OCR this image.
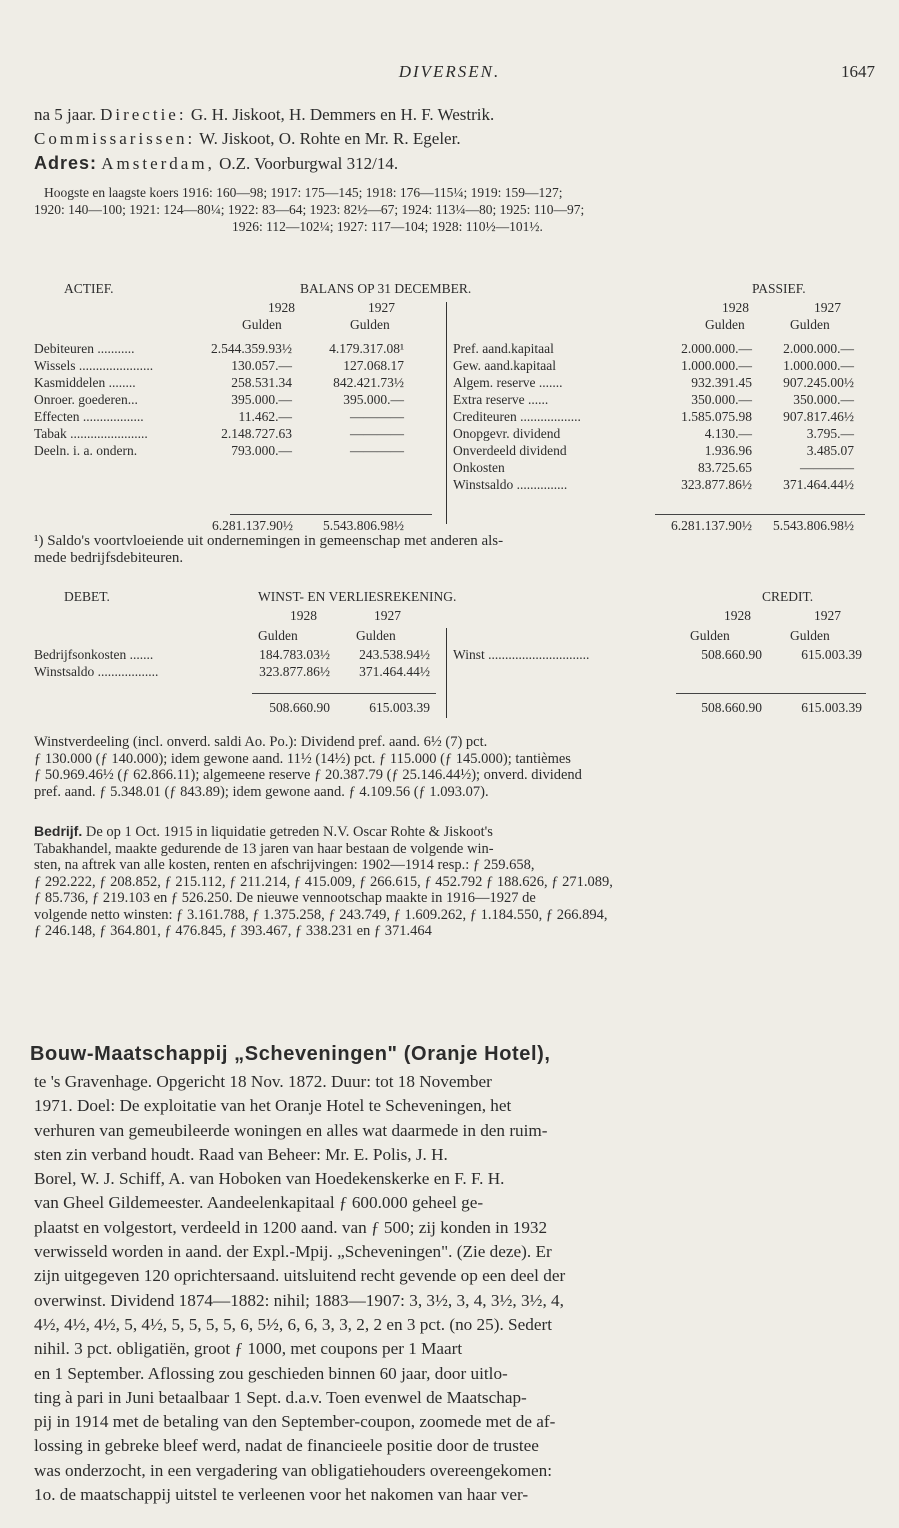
DIVERSEN.	1647
na 5 jaar. Directie: G. H. Jiskoot, H. Demmers en H. F. Westrik.
Commissarissen: W. Jiskoot, O. Rohte en Mr. R. Egeler.
Adres: Amsterdam, O.Z. Voorburgwal 312/14.
Hoogste en laagste koers 1916: 160—98; 1917: 175—145; 1918: 176—115¼; 1919: 159—127;
1920: 140—100; 1921: 124—80¼; 1922: 83—64; 1923: 82½—67; 1924: 113¼—80; 1925: 110—97;
1926: 112—102¼; 1927: 117—104; 1928: 110½—101½.
ACTIEF.	BALANS OP 31 DECEMBER.	PASSIEF.
1928	1927	1928	1927
Gulden	Gulden	Gulden	Gulden
Debiteuren ...........	2.544.359.93½	4.179.317.08¹
Wissels ......................	130.057.—	127.068.17
Kasmiddelen ........	258.531.34	842.421.73½
Onroer. goederen...	395.000.—	395.000.—
Effecten ..................	11.462.—	————
Tabak .......................	2.148.727.63	————
Deeln. i. a. ondern.	793.000.—	————
Pref. aand.kapitaal	2.000.000.—	2.000.000.—
Gew. aand.kapitaal	1.000.000.—	1.000.000.—
Algem. reserve .......	932.391.45	907.245.00½
Extra reserve ......	350.000.—	350.000.—
Crediteuren ..................	1.585.075.98	907.817.46½
Onopgevr. dividend	4.130.—	3.795.—
Onverdeeld dividend	1.936.96	3.485.07
Onkosten	83.725.65	————
Winstsaldo ...............	323.877.86½	371.464.44½
6.281.137.90½	5.543.806.98½	6.281.137.90½	5.543.806.98½
¹) Saldo's voortvloeiende uit ondernemingen in gemeenschap met anderen als-
mede bedrijfsdebiteuren.
DEBET.	WINST- EN VERLIESREKENING.	CREDIT.
1928	1927	1928	1927
Gulden	Gulden	Gulden	Gulden
Bedrijfsonkosten .......	184.783.03½	243.538.94½
Winstsaldo ..................	323.877.86½	371.464.44½
Winst ..............................	508.660.90	615.003.39
508.660.90	615.003.39	508.660.90	615.003.39
Winstverdeeling (incl. onverd. saldi Ao. Po.): Dividend pref. aand. 6½ (7) pct.
ƒ 130.000 (ƒ 140.000); idem gewone aand. 11½ (14½) pct. ƒ 115.000 (ƒ 145.000); tantièmes
ƒ 50.969.46½ (ƒ 62.866.11); algemeene reserve ƒ 20.387.79 (ƒ 25.146.44½); onverd. dividend
pref. aand. ƒ 5.348.01 (ƒ 843.89); idem gewone aand. ƒ 4.109.56 (ƒ 1.093.07).
Bedrijf. De op 1 Oct. 1915 in liquidatie getreden N.V. Oscar Rohte & Jiskoot's
Tabakhandel, maakte gedurende de 13 jaren van haar bestaan de volgende win-
sten, na aftrek van alle kosten, renten en afschrijvingen: 1902—1914 resp.: ƒ 259.658,
ƒ 292.222, ƒ 208.852, ƒ 215.112, ƒ 211.214, ƒ 415.009, ƒ 266.615, ƒ 452.792 ƒ 188.626, ƒ 271.089,
ƒ 85.736, ƒ 219.103 en ƒ 526.250. De nieuwe vennootschap maakte in 1916—1927 de
volgende netto winsten: ƒ 3.161.788, ƒ 1.375.258, ƒ 243.749, ƒ 1.609.262, ƒ 1.184.550, ƒ 266.894,
ƒ 246.148, ƒ 364.801, ƒ 476.845, ƒ 393.467, ƒ 338.231 en ƒ 371.464
Bouw-Maatschappij „Scheveningen" (Oranje Hotel),
te 's Gravenhage. Opgericht 18 Nov. 1872. Duur: tot 18 November
1971. Doel: De exploitatie van het Oranje Hotel te Scheveningen, het
verhuren van gemeubileerde woningen en alles wat daarmede in den ruim-
sten zin verband houdt. Raad van Beheer: Mr. E. Polis, J. H.
Borel, W. J. Schiff, A. van Hoboken van Hoedekenskerke en F. F. H.
van Gheel Gildemeester. Aandeelenkapitaal ƒ 600.000 geheel ge-
plaatst en volgestort, verdeeld in 1200 aand. van ƒ 500; zij konden in 1932
verwisseld worden in aand. der Expl.-Mpij. „Scheveningen". (Zie deze). Er
zijn uitgegeven 120 oprichtersaand. uitsluitend recht gevende op een deel der
overwinst. Dividend 1874—1882: nihil; 1883—1907: 3, 3½, 3, 4, 3½, 3½, 4,
4½, 4½, 4½, 5, 4½, 5, 5, 5, 5, 6, 5½, 6, 6, 3, 3, 2, 2 en 3 pct. (no 25). Sedert
nihil. 3 pct. obligatiën, groot ƒ 1000, met coupons per 1 Maart
en 1 September. Aflossing zou geschieden binnen 60 jaar, door uitlo-
ting à pari in Juni betaalbaar 1 Sept. d.a.v. Toen evenwel de Maatschap-
pij in 1914 met de betaling van den September-coupon, zoomede met de af-
lossing in gebreke bleef werd, nadat de financieele positie door de trustee
was onderzocht, in een vergadering van obligatiehouders overeengekomen:
1o. de maatschappij uitstel te verleenen voor het nakomen van haar ver-
